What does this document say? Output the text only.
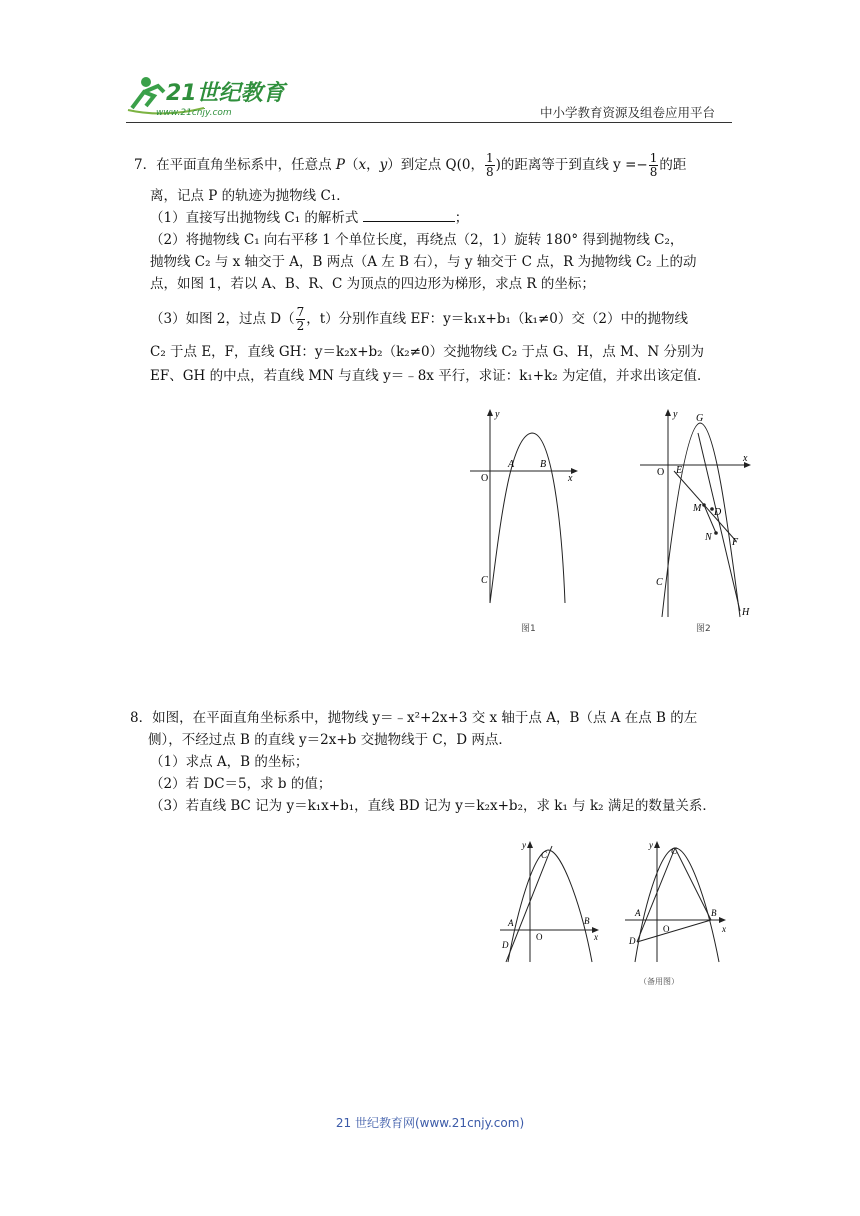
21世纪教育
www.21cnjy.com	中小学教育资源及组卷应用平台
7．在平面直角坐标系中，任意点 P（x，y）到定点 Q(0， $\frac{1}{8}$ )的距离等于到直线 $y =- \frac{1}{8}$ 的距
离，记点 P 的轨迹为抛物线 C₁．
（1）直接写出抛物线 C₁ 的解析式	；
（2）将抛物线 C₁ 向右平移 1 个单位长度，再绕点（2，1）旋转 180° 得到抛物线 C₂，
抛物线 C₂ 与 x 轴交于 A，B 两点（A 左 B 右），与 y 轴交于 C 点，R 为抛物线 C₂ 上的动
点，如图 1，若以 A、B、R、C 为顶点的四边形为梯形，求点 R 的坐标；
（3）如图 2，过点 $D( \frac{7}{2}$ ，t）分别作直线 EF：y＝k₁x+b₁（k₁≠0）交（2）中的抛物线
C₂ 于点 E，F，直线 GH：y＝k₂x+b₂（k₂≠0）交抛物线 C₂ 于点 G、H，点 M、N 分别为
EF、GH 的中点，若直线 MN 与直线 y＝﹣8x 平行，求证：k₁+k₂ 为定值，并求出该定值．
y
x
O
A	B
C
图1
y
x
O
G
E
M D
N F
C
H
图2
8．如图，在平面直角坐标系中，抛物线 y＝﹣x²+2x+3 交 x 轴于点 A，B（点 A 在点 B 的左
侧），不经过点 B 的直线 y＝2x+b 交抛物线于 C，D 两点．
（1）求点 A，B 的坐标；
（2）若 DC＝5，求 b 的值；
（3）若直线 BC 记为 y＝k₁x+b₁，直线 BD 记为 y＝k₂x+b₂，求 k₁ 与 k₂ 满足的数量关系．
y
x
O
A	B
C
D
y
x
O
A	B
C
D
（备用图）
21 世纪教育网(www.21cnjy.com)
